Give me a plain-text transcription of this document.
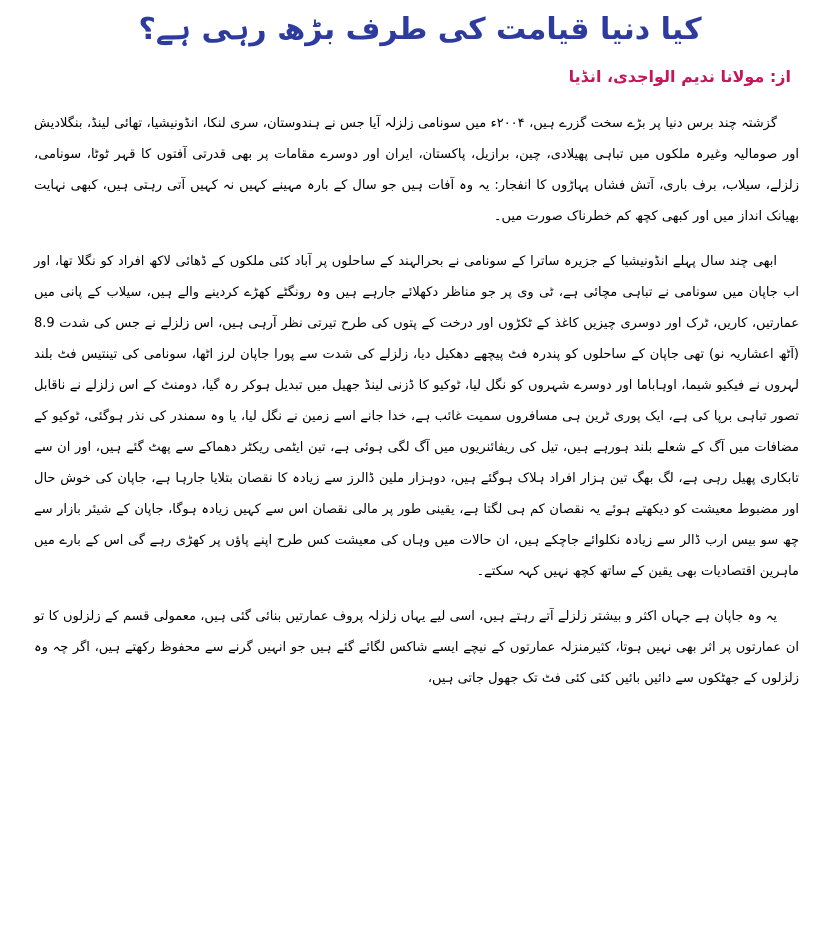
کیا دنیا قیامت کی طرف بڑھ رہی ہے؟
از: مولانا ندیم الواجدی، انڈیا

گزشتہ چند برس دنیا پر بڑے سخت گزرے ہیں، ۲۰۰۴ء میں سونامی زلزلہ آیا جس نے ہندوستان، سری لنکا، انڈونیشیا، تھائی لینڈ، بنگلادیش اور صومالیہ وغیرہ ملکوں میں تباہی پھیلادی، چین، برازیل، پاکستان، ایران اور دوسرے مقامات پر بھی قدرتی آفتوں کا قہر ٹوٹا، سونامی، زلزلے، سیلاب، برف باری، آتش فشاں پہاڑوں کا انفجار: یہ وہ آفات ہیں جو سال کے بارہ مہینے کہیں نہ کہیں آتی رہتی ہیں، کبھی نہایت بھیانک انداز میں اور کبھی کچھ کم خطرناک صورت میں۔

ابھی چند سال پہلے انڈونیشیا کے جزیرہ ساترا کے سونامی نے بحرالہند کے ساحلوں پر آباد کئی ملکوں کے ڈھائی لاکھ افراد کو نگلا تھا، اور اب جاپان میں سونامی نے تباہی مچائی ہے، ٹی وی پر جو مناظر دکھلائے جارہے ہیں وہ رونگٹے کھڑے کردینے والے ہیں، سیلاب کے پانی میں عمارتیں، کاریں، ٹرک اور دوسری چیزیں کاغذ کے ٹکڑوں اور درخت کے پتوں کی طرح تیرتی نظر آرہی ہیں، اس زلزلے نے جس کی شدت 8.9 (آٹھ اعشاریہ نو) تھی جاپان کے ساحلوں کو پندرہ فٹ پیچھے دھکیل دیا، زلزلے کی شدت سے پورا جاپان لرز اٹھا، سونامی کی تینتیس فٹ بلند لہروں نے فیکیو شیما، اوہاباما اور دوسرے شہروں کو نگل لیا، ٹوکیو کا ڈزنی لینڈ جھیل میں تبدیل ہوکر رہ گیا، دومنٹ کے اس زلزلے نے ناقابل تصور تباہی برپا کی ہے، ایک پوری ٹرین ہی مسافروں سمیت غائب ہے، خدا جانے اسے زمین نے نگل لیا، یا وہ سمندر کی نذر ہوگئی، ٹوکیو کے مضافات میں آگ کے شعلے بلند ہورہے ہیں، تیل کی ریفائنریوں میں آگ لگی ہوئی ہے، تین ایٹمی ریکٹر دھماکے سے پھٹ گئے ہیں، اور ان سے تابکاری پھیل رہی ہے، لگ بھگ تین ہزار افراد ہلاک ہوگئے ہیں، دوہزار ملین ڈالرز سے زیادہ کا نقصان بتلایا جارہا ہے، جاپان کی خوش حال اور مضبوط معیشت کو دیکھتے ہوئے یہ نقصان کم ہی لگتا ہے، یقینی طور پر مالی نقصان اس سے کہیں زیادہ ہوگا، جاپان کے شیئر بازار سے چھ سو بیس ارب ڈالر سے زیادہ نکلوائے جاچکے ہیں، ان حالات میں وہاں کی معیشت کس طرح اپنے پاؤں پر کھڑی رہے گی اس کے بارے میں ماہرین اقتصادیات بھی یقین کے ساتھ کچھ نہیں کہہ سکتے۔

یہ وہ جاپان ہے جہاں اکثر و بیشتر زلزلے آتے رہتے ہیں، اسی لیے یہاں زلزلہ پروف عمارتیں بنائی گئی ہیں، معمولی قسم کے زلزلوں کا تو ان عمارتوں پر اثر بھی نہیں ہوتا، کثیرمنزلہ عمارتوں کے نیچے ایسے شاکس لگائے گئے ہیں جو انہیں گرنے سے محفوظ رکھتے ہیں، اگر چہ وہ زلزلوں کے جھٹکوں سے دائیں بائیں کئی کئی فٹ تک جھول جاتی ہیں،
